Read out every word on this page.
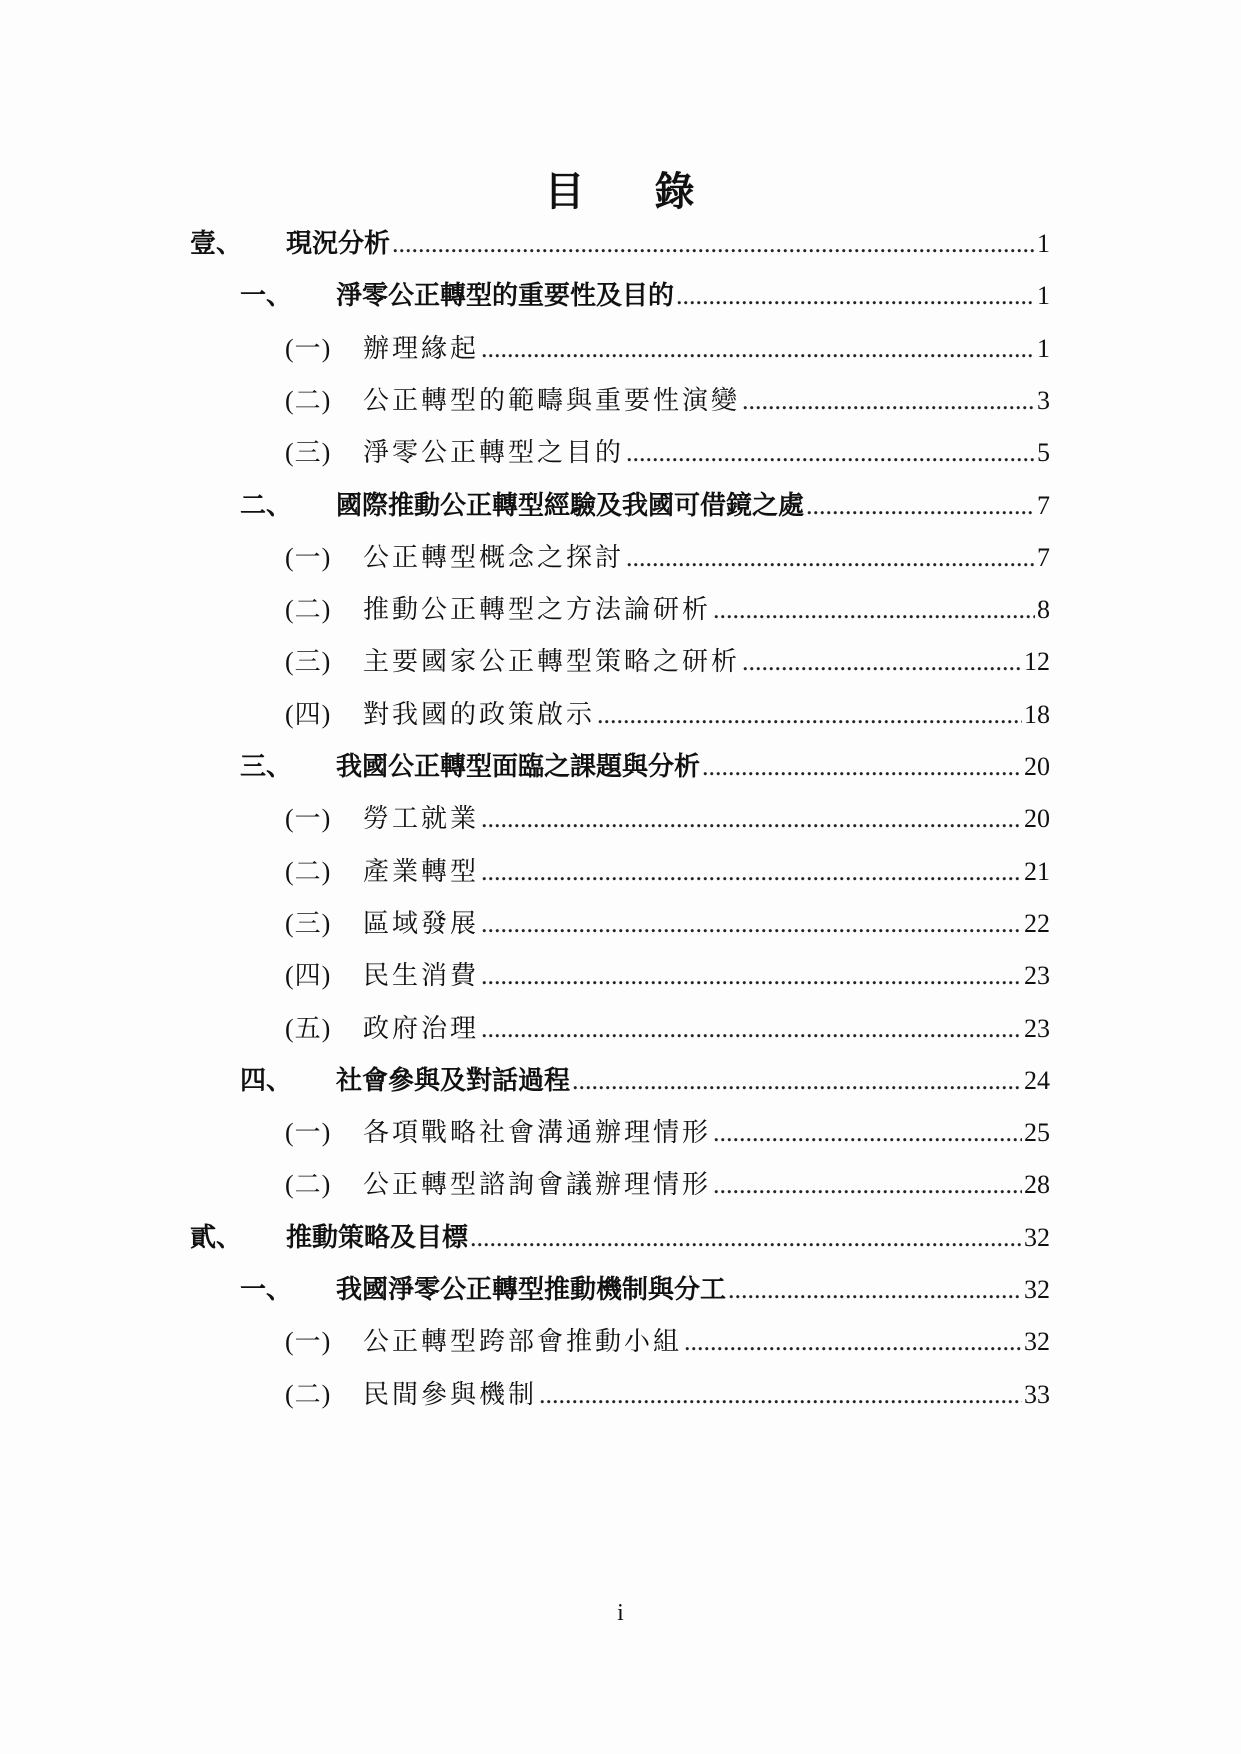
目 錄
壹、	現況分析 .....	1
一、	淨零公正轉型的重要性及目的 .....	1
(一)	辦理緣起 .....	1
(二)	公正轉型的範疇與重要性演變 .....	3
(三)	淨零公正轉型之目的 .....	5
二、	國際推動公正轉型經驗及我國可借鏡之處 .....	7
(一)	公正轉型概念之探討 .....	7
(二)	推動公正轉型之方法論研析 .....	8
(三)	主要國家公正轉型策略之研析 .....	12
(四)	對我國的政策啟示 .....	18
三、	我國公正轉型面臨之課題與分析 .....	20
(一)	勞工就業 .....	20
(二)	產業轉型 .....	21
(三)	區域發展 .....	22
(四)	民生消費 .....	23
(五)	政府治理 .....	23
四、	社會參與及對話過程 .....	24
(一)	各項戰略社會溝通辦理情形 .....	25
(二)	公正轉型諮詢會議辦理情形 .....	28
貳、	推動策略及目標 .....	32
一、	我國淨零公正轉型推動機制與分工 .....	32
(一)	公正轉型跨部會推動小組 .....	32
(二)	民間參與機制 .....	33
i
